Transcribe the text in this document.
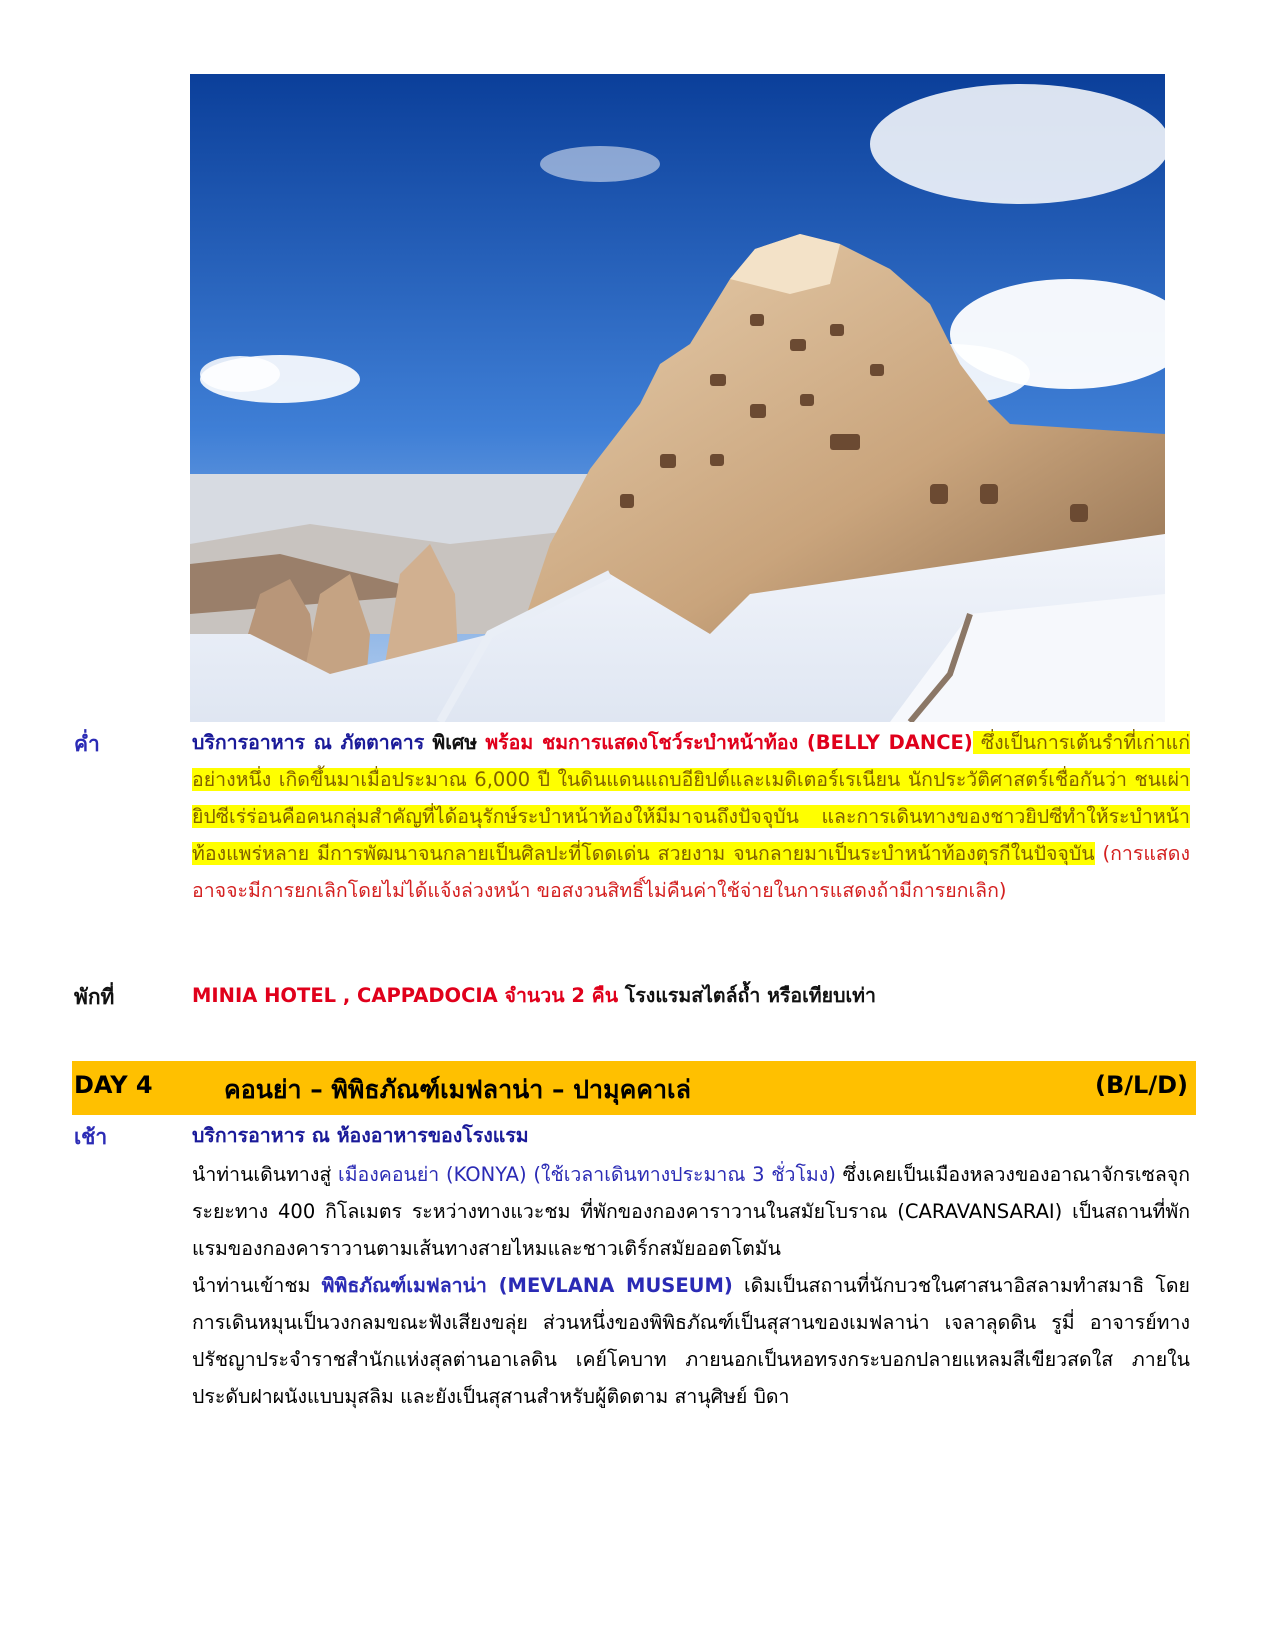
ค่ำ	บริการอาหาร ณ ภัตตาคาร พิเศษ พร้อม ชมการแสดงโชว์ระบำหน้าท้อง (BELLY DANCE) ซึ่งเป็นการเต้นรำที่เก่าแก่อย่างหนึ่ง เกิดขึ้นมาเมื่อประมาณ 6,000 ปี ในดินแดนแถบอียิปต์และเมดิเตอร์เรเนียน นักประวัติศาสตร์เชื่อกันว่า ชนเผ่ายิปซีเร่ร่อนคือคนกลุ่มสำคัญที่ได้อนุรักษ์ระบำหน้าท้องให้มีมาจนถึงปัจจุบัน และการเดินทางของชาวยิปซีทำให้ระบำหน้าท้องแพร่หลาย มีการพัฒนาจนกลายเป็นศิลปะที่โดดเด่น สวยงาม จนกลายมาเป็นระบำหน้าท้องตุรกีในปัจจุบัน (การแสดงอาจจะมีการยกเลิกโดยไม่ได้แจ้งล่วงหน้า ขอสงวนสิทธิ์ไม่คืนค่าใช้จ่ายในการแสดงถ้ามีการยกเลิก)
พักที่	MINIA HOTEL , CAPPADOCIA จำนวน 2 คืน โรงแรมสไตล์ถ้ำ หรือเทียบเท่า
DAY 4	คอนย่า – พิพิธภัณฑ์เมฟลาน่า – ปามุคคาเล่	(B/L/D)
เช้า	บริการอาหาร ณ ห้องอาหารของโรงแรม
นำท่านเดินทางสู่ เมืองคอนย่า (KONYA) (ใช้เวลาเดินทางประมาณ 3 ชั่วโมง) ซึ่งเคยเป็นเมืองหลวงของอาณาจักรเซลจุก ระยะทาง 400 กิโลเมตร ระหว่างทางแวะชม ที่พักของกองคาราวานในสมัยโบราณ (CARAVANSARAI) เป็นสถานที่พักแรมของกองคาราวานตามเส้นทางสายไหมและชาวเติร์กสมัยออตโตมัน
นำท่านเข้าชม พิพิธภัณฑ์เมฟลาน่า (MEVLANA MUSEUM) เดิมเป็นสถานที่นักบวชในศาสนาอิสลามทำสมาธิ โดยการเดินหมุนเป็นวงกลมขณะฟังเสียงขลุ่ย ส่วนหนึ่งของพิพิธภัณฑ์เป็นสุสานของเมฟลาน่า เจลาลุดดิน รูมี่ อาจารย์ทางปรัชญาประจำราชสำนักแห่งสุลต่านอาเลดิน เคย์โคบาท ภายนอกเป็นหอทรงกระบอกปลายแหลมสีเขียวสดใส ภายในประดับฝาผนังแบบมุสลิม และยังเป็นสุสานสำหรับผู้ติดตาม สานุศิษย์ บิดา
